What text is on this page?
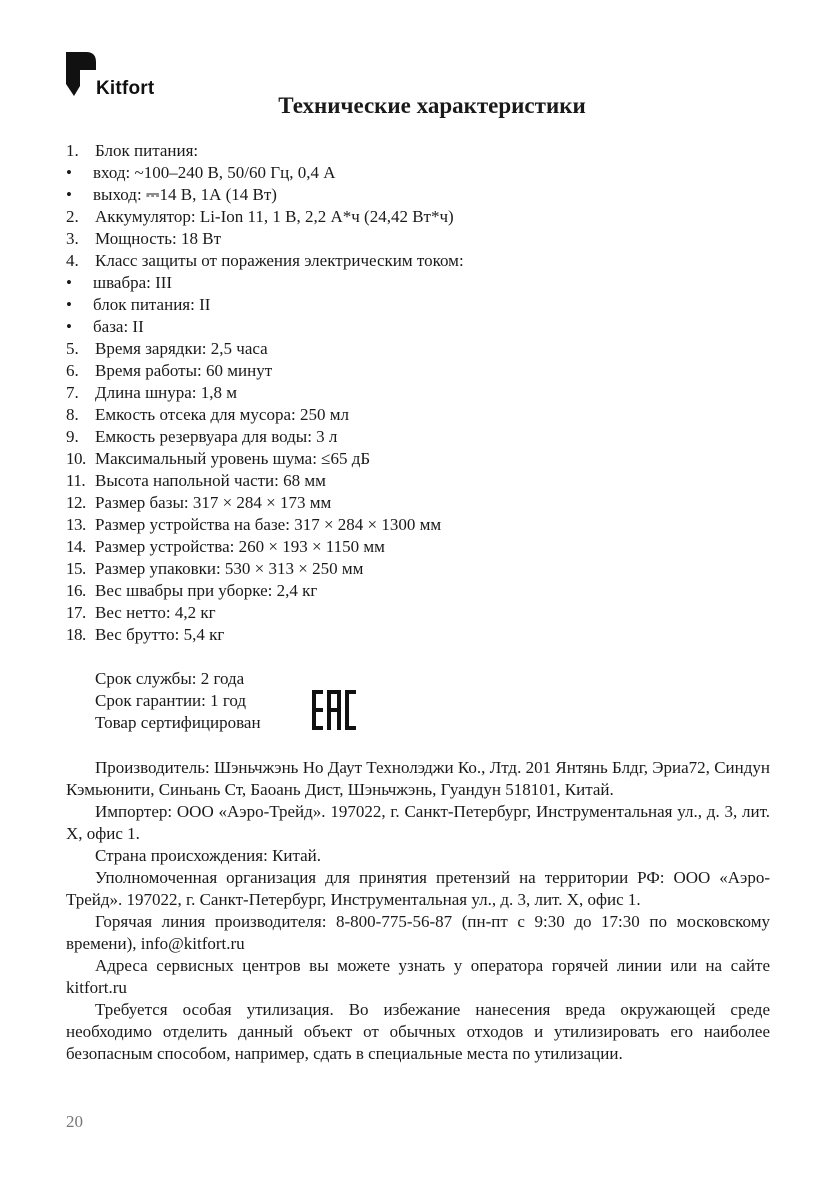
Kitfort
Технические характеристики
1. Блок питания:
• вход: ~100–240 В, 50/60 Гц, 0,4 А
• выход: ⎓14 В, 1А (14 Вт)
2. Аккумулятор: Li-Ion 11, 1 В, 2,2 А*ч (24,42 Вт*ч)
3. Мощность: 18 Вт
4. Класс защиты от поражения электрическим током:
• швабра: III
• блок питания: II
• база: II
5. Время зарядки: 2,5 часа
6. Время работы: 60 минут
7. Длина шнура: 1,8 м
8. Емкость отсека для мусора: 250 мл
9. Емкость резервуара для воды: 3 л
10. Максимальный уровень шума: ≤65 дБ
11. Высота напольной части: 68 мм
12. Размер базы: 317 × 284 × 173 мм
13. Размер устройства на базе: 317 × 284 × 1300 мм
14. Размер устройства: 260 × 193 × 1150 мм
15. Размер упаковки: 530 × 313 × 250 мм
16. Вес швабры при уборке: 2,4 кг
17. Вес нетто: 4,2 кг
18. Вес брутто: 5,4 кг
Срок службы: 2 года
Срок гарантии: 1 год
Товар сертифицирован

Производитель: Шэньчжэнь Но Даут Технолэджи Ко., Лтд. 201 Янтянь Блдг, Эриа72, Синдун Кэмьюнити, Синьань Ст, Баоань Дист, Шэньчжэнь, Гуандун 518101, Китай.

Импортер: ООО «Аэро-Трейд». 197022, г. Санкт-Петербург, Инструментальная ул., д. 3, лит. Х, офис 1.

Страна происхождения: Китай.

Уполномоченная организация для принятия претензий на территории РФ: ООО «Аэро-Трейд». 197022, г. Санкт-Петербург, Инструментальная ул., д. 3, лит. Х, офис 1.

Горячая линия производителя: 8-800-775-56-87 (пн-пт с 9:30 до 17:30 по московскому времени), info@kitfort.ru

Адреса сервисных центров вы можете узнать у оператора горячей линии или на сайте kitfort.ru

Требуется особая утилизация. Во избежание нанесения вреда окружающей среде необходимо отделить данный объект от обычных отходов и утилизировать его наиболее безопасным способом, например, сдать в специальные места по утилизации.

20
